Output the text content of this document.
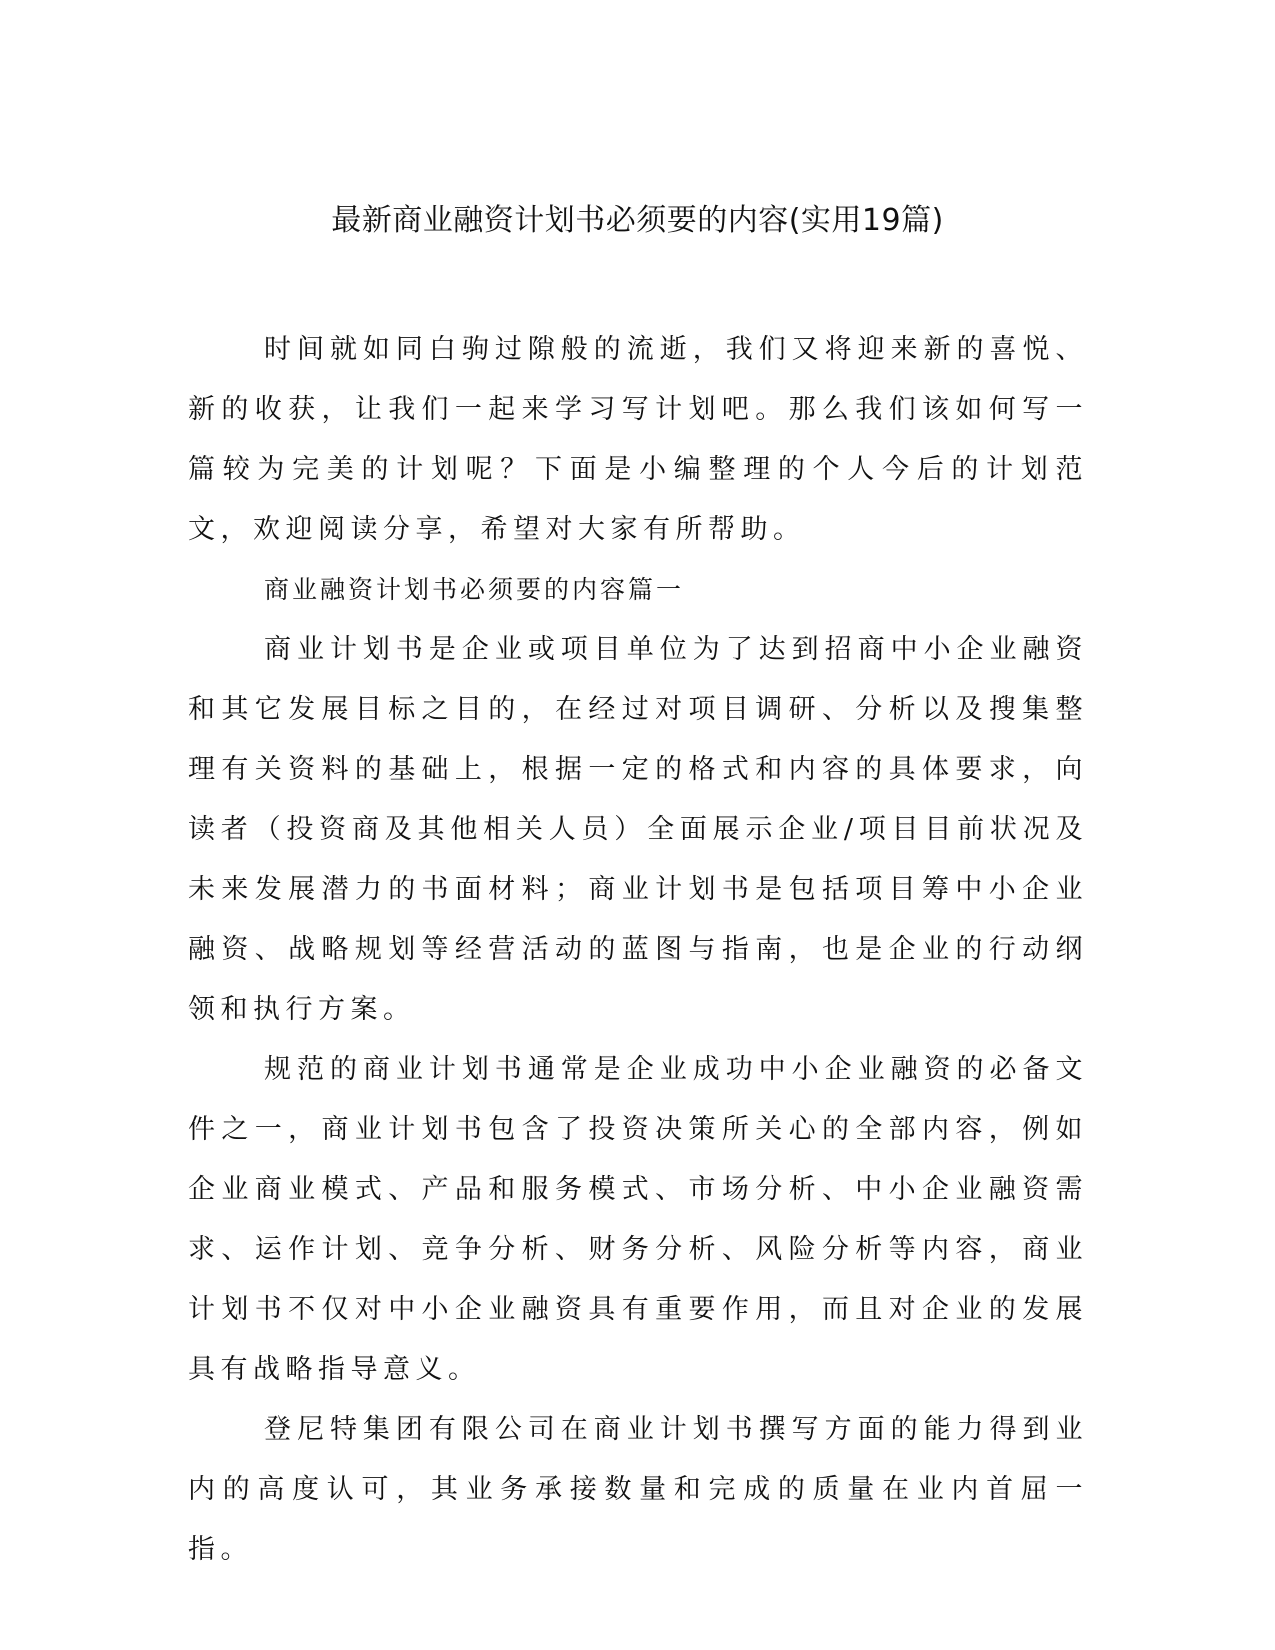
最新商业融资计划书必须要的内容(实用19篇)

时间就如同白驹过隙般的流逝，我们又将迎来新的喜悦、新的收获，让我们一起来学习写计划吧。那么我们该如何写一篇较为完美的计划呢？下面是小编整理的个人今后的计划范文，欢迎阅读分享，希望对大家有所帮助。

商业融资计划书必须要的内容篇一

商业计划书是企业或项目单位为了达到招商中小企业融资和其它发展目标之目的，在经过对项目调研、分析以及搜集整理有关资料的基础上，根据一定的格式和内容的具体要求，向读者（投资商及其他相关人员）全面展示企业/项目目前状况及未来发展潜力的书面材料；商业计划书是包括项目筹中小企业融资、战略规划等经营活动的蓝图与指南，也是企业的行动纲领和执行方案。

规范的商业计划书通常是企业成功中小企业融资的必备文件之一，商业计划书包含了投资决策所关心的全部内容，例如企业商业模式、产品和服务模式、市场分析、中小企业融资需求、运作计划、竞争分析、财务分析、风险分析等内容，商业计划书不仅对中小企业融资具有重要作用，而且对企业的发展具有战略指导意义。

登尼特集团有限公司在商业计划书撰写方面的能力得到业内的高度认可，其业务承接数量和完成的质量在业内首屈一指。
